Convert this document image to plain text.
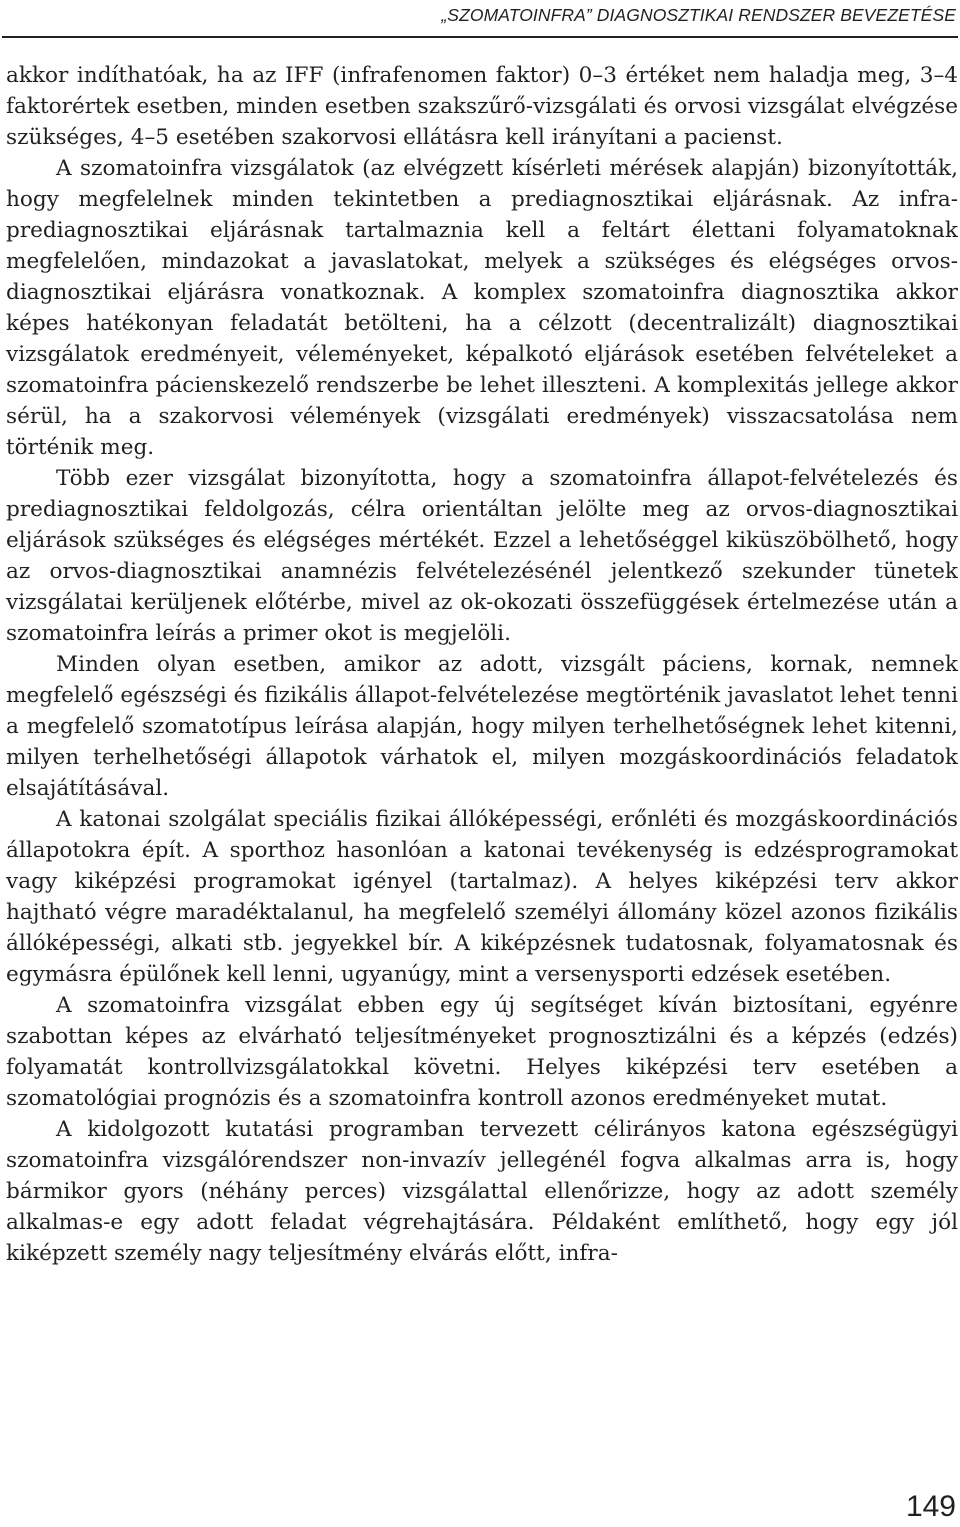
„SZOMATOINFRA” DIAGNOSZTIKAI RENDSZER BEVEZETÉSE

akkor indíthatóak, ha az IFF (infrafenomen faktor) 0–3 értéket nem haladja meg, 3–4 faktorértek esetben, minden esetben szakszűrő-vizsgálati és orvosi vizsgálat elvégzése szükséges, 4–5 esetében szakorvosi ellátásra kell irányítani a pacienst.

A szomatoinfra vizsgálatok (az elvégzett kísérleti mérések alapján) bizonyították, hogy megfelelnek minden tekintetben a prediagnosztikai eljárásnak. Az infra-prediagnosztikai eljárásnak tartalmaznia kell a feltárt élettani folyamatoknak megfelelően, mindazokat a javaslatokat, melyek a szükséges és elégséges orvos-diagnosztikai eljárásra vonatkoznak. A komplex szomatoinfra diagnosztika akkor képes hatékonyan feladatát betölteni, ha a célzott (decentralizált) diagnosztikai vizsgálatok eredményeit, véleményeket, képalkotó eljárások esetében felvételeket a szomatoinfra pácienskezelő rendszerbe be lehet illeszteni. A komplexitás jellege akkor sérül, ha a szakorvosi vélemények (vizsgálati eredmények) visszacsatolása nem történik meg.

Több ezer vizsgálat bizonyította, hogy a szomatoinfra állapot-felvételezés és prediagnosztikai feldolgozás, célra orientáltan jelölte meg az orvos-diagnosztikai eljárások szükséges és elégséges mértékét. Ezzel a lehetőséggel kiküszöbölhető, hogy az orvos-diagnosztikai anamnézis felvételezésénél jelentkező szekunder tünetek vizsgálatai kerüljenek előtérbe, mivel az ok-okozati összefüggések értelmezése után a szomatoinfra leírás a primer okot is megjelöli.

Minden olyan esetben, amikor az adott, vizsgált páciens, kornak, nemnek megfelelő egészségi és fizikális állapot-felvételezése megtörténik javaslatot lehet tenni a megfelelő szomatotípus leírása alapján, hogy milyen terhelhetőségnek lehet kitenni, milyen terhelhetőségi állapotok várhatok el, milyen mozgáskoordinációs feladatok elsajátításával.

A katonai szolgálat speciális fizikai állóképességi, erőnléti és mozgáskoordinációs állapotokra épít. A sporthoz hasonlóan a katonai tevékenység is edzésprogramokat vagy kiképzési programokat igényel (tartalmaz). A helyes kiképzési terv akkor hajtható végre maradéktalanul, ha megfelelő személyi állomány közel azonos fizikális állóképességi, alkati stb. jegyekkel bír. A kiképzésnek tudatosnak, folyamatosnak és egymásra épülőnek kell lenni, ugyanúgy, mint a versenysporti edzések esetében.

A szomatoinfra vizsgálat ebben egy új segítséget kíván biztosítani, egyénre szabottan képes az elvárható teljesítményeket prognosztizálni és a képzés (edzés) folyamatát kontrollvizsgálatokkal követni. Helyes kiképzési terv esetében a szomatológiai prognózis és a szomatoinfra kontroll azonos eredményeket mutat.

A kidolgozott kutatási programban tervezett célirányos katona egészségügyi szomatoinfra vizsgálórendszer non-invazív jellegénél fogva alkalmas arra is, hogy bármikor gyors (néhány perces) vizsgálattal ellenőrizze, hogy az adott személy alkalmas-e egy adott feladat végrehajtására. Példaként említhető, hogy egy jól kiképzett személy nagy teljesítmény elvárás előtt, infra-

149
